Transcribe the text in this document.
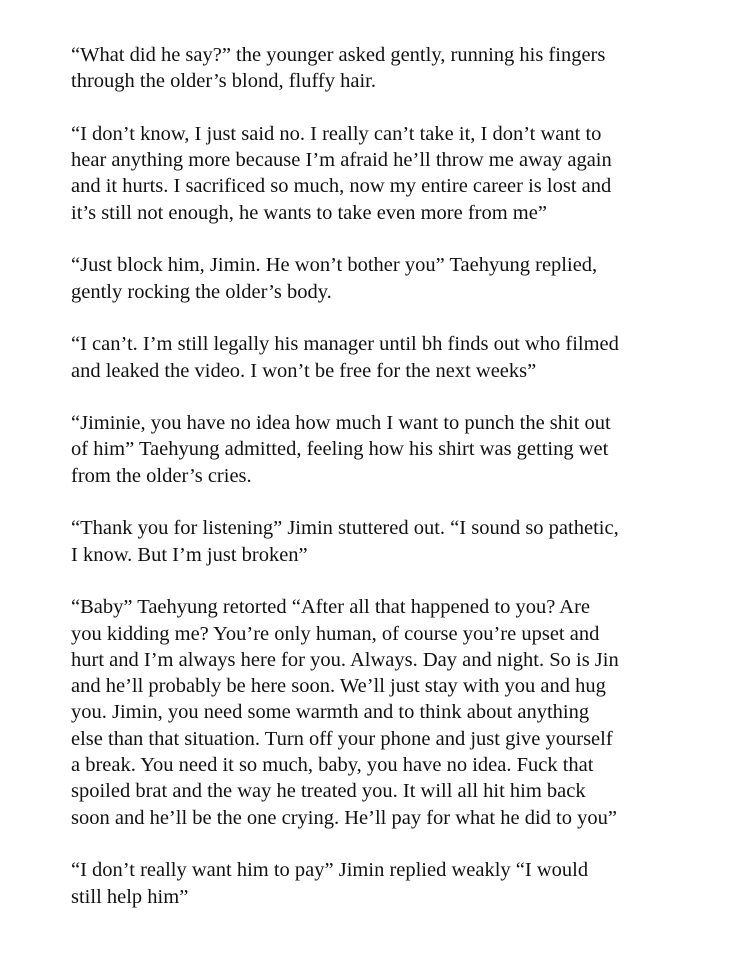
“What did he say?” the younger asked gently, running his fingers
through the older’s blond, fluffy hair.

“I don’t know, I just said no. I really can’t take it, I don’t want to
hear anything more because I’m afraid he’ll throw me away again
and it hurts. I sacrificed so much, now my entire career is lost and
it’s still not enough, he wants to take even more from me”

“Just block him, Jimin. He won’t bother you” Taehyung replied,
gently rocking the older’s body.

“I can’t. I’m still legally his manager until bh finds out who filmed
and leaked the video. I won’t be free for the next weeks”

“Jiminie, you have no idea how much I want to punch the shit out
of him” Taehyung admitted, feeling how his shirt was getting wet
from the older’s cries.

“Thank you for listening” Jimin stuttered out. “I sound so pathetic,
I know. But I’m just broken”

“Baby” Taehyung retorted “After all that happened to you? Are
you kidding me? You’re only human, of course you’re upset and
hurt and I’m always here for you. Always. Day and night. So is Jin
and he’ll probably be here soon. We’ll just stay with you and hug
you. Jimin, you need some warmth and to think about anything
else than that situation. Turn off your phone and just give yourself
a break. You need it so much, baby, you have no idea. Fuck that
spoiled brat and the way he treated you. It will all hit him back
soon and he’ll be the one crying. He’ll pay for what he did to you”

“I don’t really want him to pay” Jimin replied weakly “I would
still help him”
